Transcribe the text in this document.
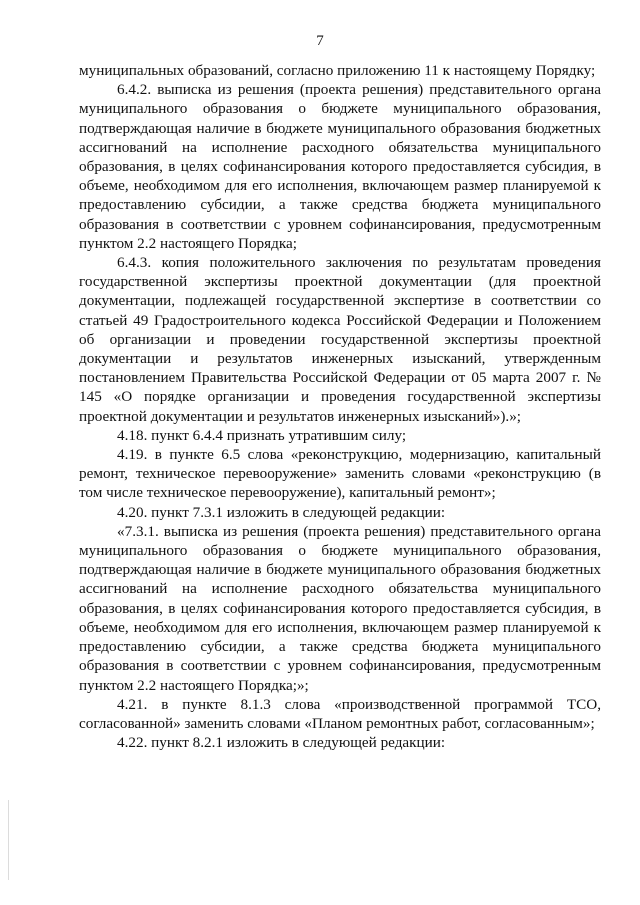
7

муниципальных образований, согласно приложению 11 к настоящему Порядку;

6.4.2. выписка из решения (проекта решения) представительного органа муниципального образования о бюджете муниципального образования, подтверждающая наличие в бюджете муниципального образования бюджетных ассигнований на исполнение расходного обязательства муниципального образования, в целях софинансирования которого предоставляется субсидия, в объеме, необходимом для его исполнения, включающем размер планируемой к предоставлению субсидии, а также средства бюджета муниципального образования в соответствии с уровнем софинансирования, предусмотренным пунктом 2.2 настоящего Порядка;

6.4.3. копия положительного заключения по результатам проведения государственной экспертизы проектной документации (для проектной документации, подлежащей государственной экспертизе в соответствии со статьей 49 Градостроительного кодекса Российской Федерации и Положением об организации и проведении государственной экспертизы проектной документации и результатов инженерных изысканий, утвержденным постановлением Правительства Российской Федерации от 05 марта 2007 г. № 145 «О порядке организации и проведения государственной экспертизы проектной документации и результатов инженерных изысканий»).»;

4.18. пункт 6.4.4 признать утратившим силу;

4.19. в пункте 6.5 слова «реконструкцию, модернизацию, капитальный ремонт, техническое перевооружение» заменить словами «реконструкцию (в том числе техническое перевооружение), капитальный ремонт»;

4.20. пункт 7.3.1 изложить в следующей редакции:

«7.3.1. выписка из решения (проекта решения) представительного органа муниципального образования о бюджете муниципального образования, подтверждающая наличие в бюджете муниципального образования бюджетных ассигнований на исполнение расходного обязательства муниципального образования, в целях софинансирования которого предоставляется субсидия, в объеме, необходимом для его исполнения, включающем размер планируемой к предоставлению субсидии, а также средства бюджета муниципального образования в соответствии с уровнем софинансирования, предусмотренным пунктом 2.2 настоящего Порядка;»;

4.21. в пункте 8.1.3 слова «производственной программой ТСО, согласованной» заменить словами «Планом ремонтных работ, согласованным»;

4.22. пункт 8.2.1 изложить в следующей редакции:
